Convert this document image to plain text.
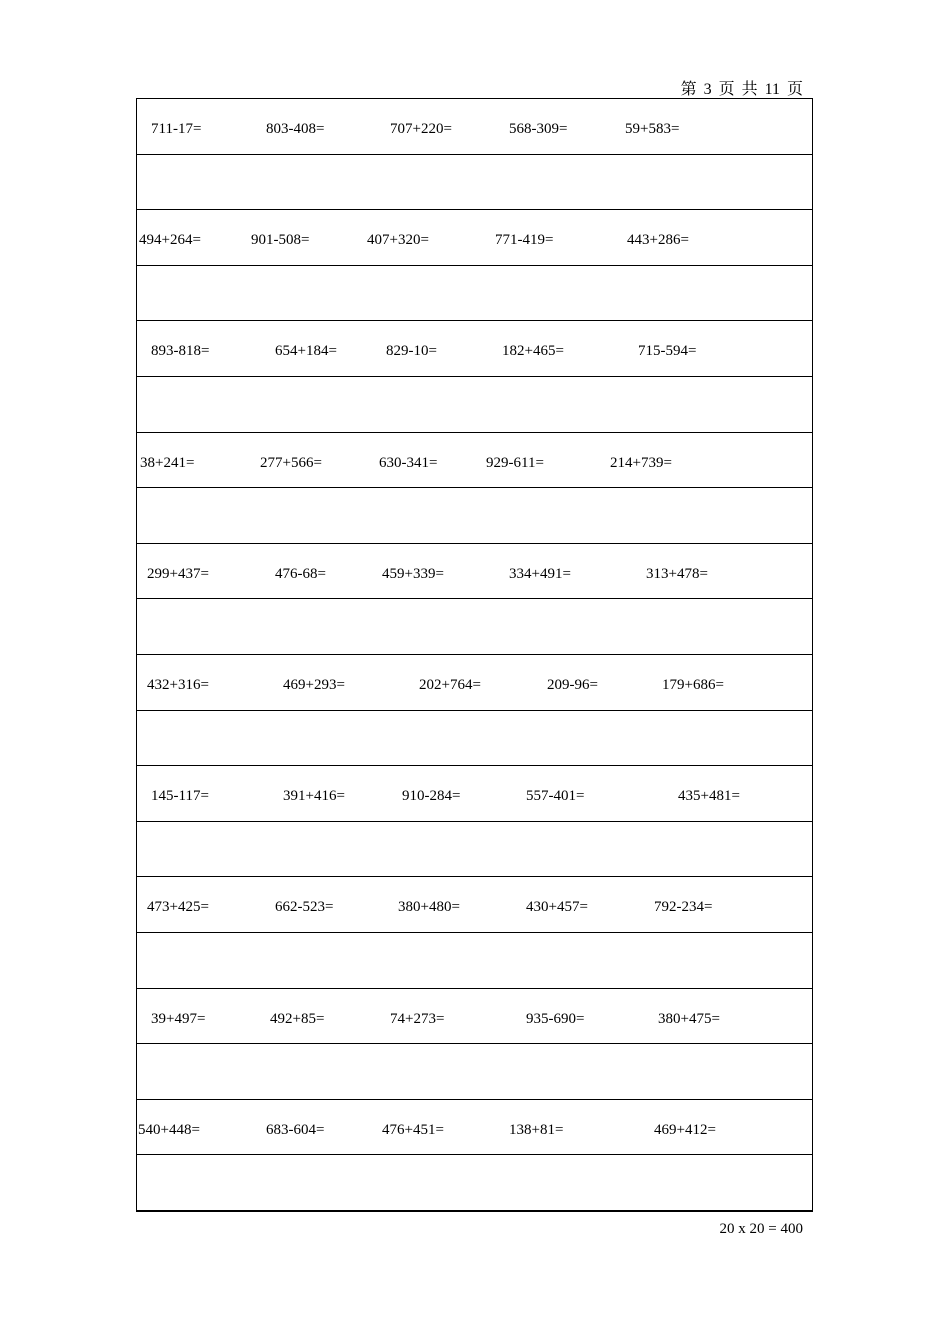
第 3 页 共 11 页
711-17=	803-408=	707+220=	568-309=	59+583=
494+264=	901-508=	407+320=	771-419=	443+286=
893-818=	654+184=	829-10=	182+465=	715-594=
38+241=	277+566=	630-341=	929-611=	214+739=
299+437=	476-68=	459+339=	334+491=	313+478=
432+316=	469+293=	202+764=	209-96=	179+686=
145-117=	391+416=	910-284=	557-401=	435+481=
473+425=	662-523=	380+480=	430+457=	792-234=
39+497=	492+85=	74+273=	935-690=	380+475=
540+448=	683-604=	476+451=	138+81=	469+412=
20 x 20 = 400
